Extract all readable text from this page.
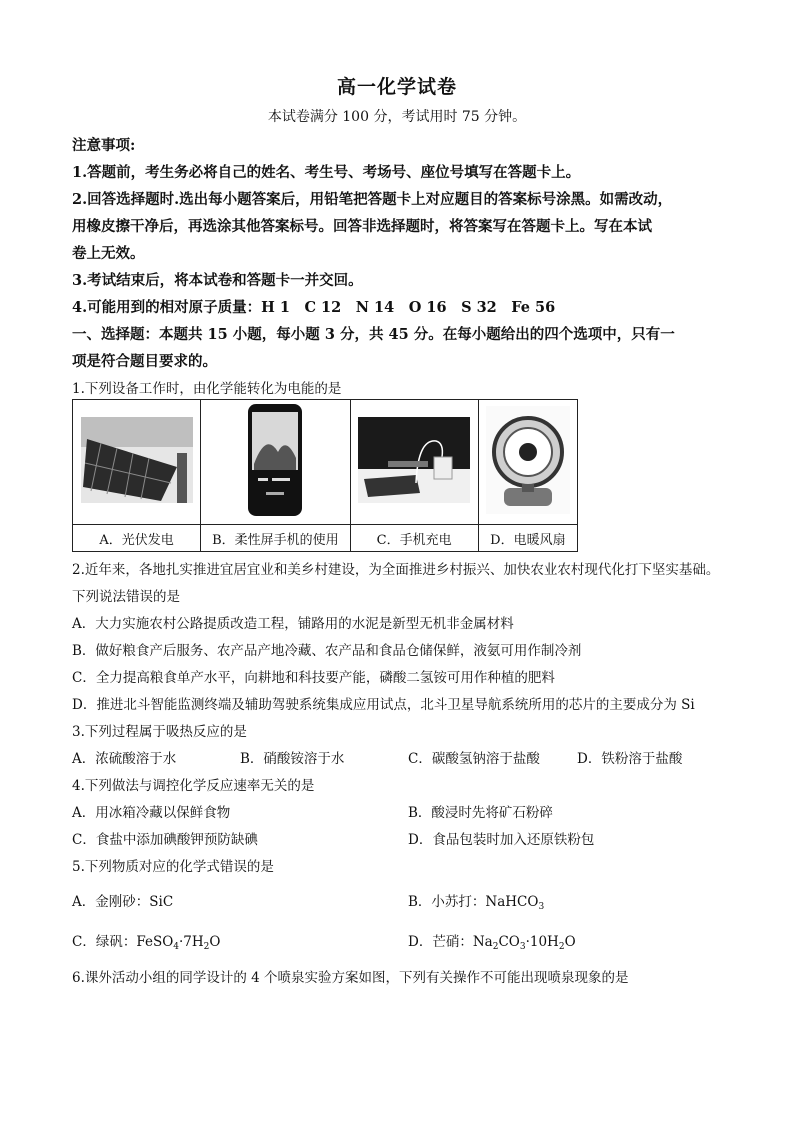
高一化学试卷
本试卷满分 100 分，考试用时 75 分钟。
注意事项:
1.答题前，考生务必将自己的姓名、考生号、考场号、座位号填写在答题卡上。
2.回答选择题时.选出每小题答案后，用铅笔把答题卡上对应题目的答案标号涂黑。如需改动，
用橡皮擦干净后，再选涂其他答案标号。回答非选择题时，将答案写在答题卡上。写在本试
卷上无效。
3.考试结束后，将本试卷和答题卡一并交回。
4.可能用到的相对原子质量：H 1　C 12　N 14　O 16　S 32　Fe 56
一、选择题：本题共 15 小题，每小题 3 分，共 45 分。在每小题给出的四个选项中，只有一
项是符合题目要求的。
1.下列设备工作时，由化学能转化为电能的是

A．光伏发电	B．柔性屏手机的使用	C．手机充电	D．电暖风扇
2.近年来，各地扎实推进宜居宜业和美乡村建设，为全面推进乡村振兴、加快农业农村现代化打下坚实基础。
下列说法错误的是
A．大力实施农村公路提质改造工程，铺路用的水泥是新型无机非金属材料
B．做好粮食产后服务、农产品产地冷藏、农产品和食品仓储保鲜，液氨可用作制冷剂
C．全力提高粮食单产水平，向耕地和科技要产能，磷酸二氢铵可用作种植的肥料
D．推进北斗智能监测终端及辅助驾驶系统集成应用试点，北斗卫星导航系统所用的芯片的主要成分为 Si
3.下列过程属于吸热反应的是
A．浓硫酸溶于水	B．硝酸铵溶于水	C．碳酸氢钠溶于盐酸	D．铁粉溶于盐酸
4.下列做法与调控化学反应速率无关的是
A．用冰箱冷藏以保鲜食物	B．酸浸时先将矿石粉碎
C．食盐中添加碘酸钾预防缺碘	D．食品包装时加入还原铁粉包
5.下列物质对应的化学式错误的是
A．金刚砂：SiC	B．小苏打：NaHCO$_3$
C．绿矾：$FeSO_4\cdot 7H_2O$	D．芒硝：$Na_2CO_3\cdot 10H_2O$
6.课外活动小组的同学设计的 4 个喷泉实验方案如图，下列有关操作不可能出现喷泉现象的是
